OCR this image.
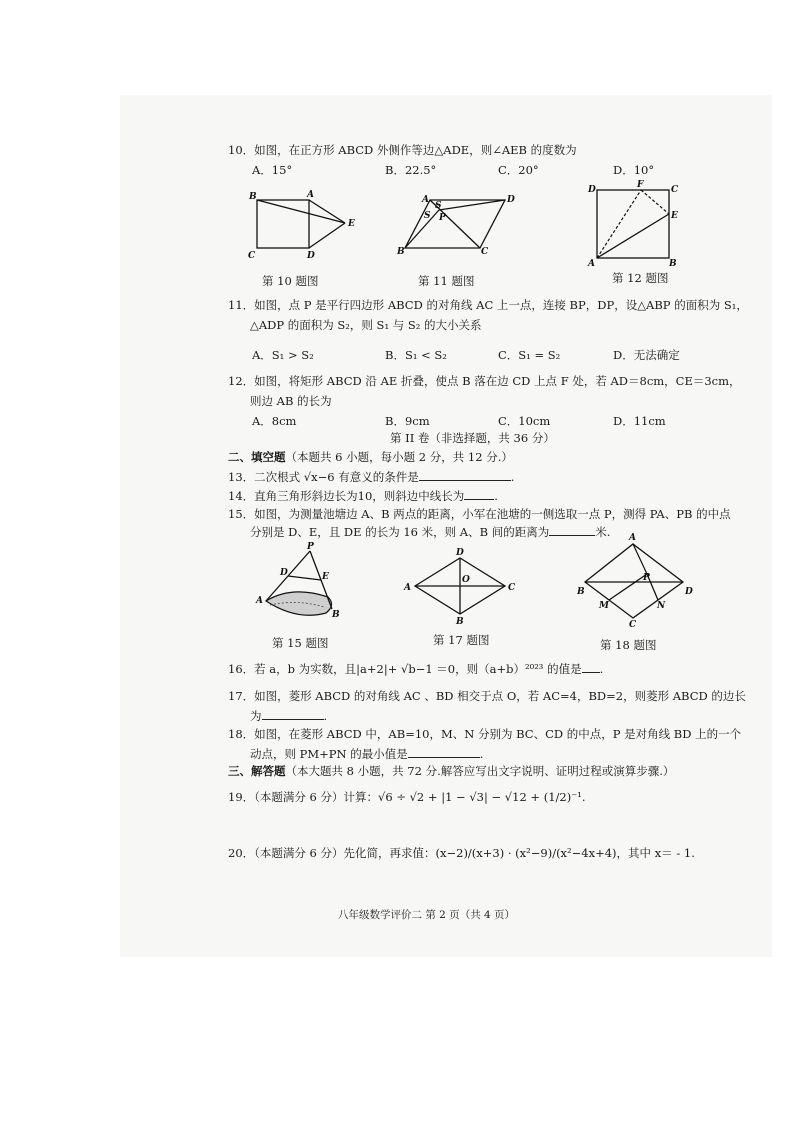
10．如图，在正方形 ABCD 外侧作等边△ADE，则∠AEB 的度数为
A．15°	B．22.5°	C．20°	D．10°
B	A
C	D
E
第 10 题图
A	D
B	C
P
S
S
第 11 题图
D	C
F
E
A	B
第 12 题图
11．如图，点 P 是平行四边形 ABCD 的对角线 AC 上一点，连接 BP，DP，设△ABP 的面积为 S₁，
△ADP 的面积为 S₂，则 S₁ 与 S₂ 的大小关系
A．S₁ > S₂	B．S₁ < S₂	C．S₁ = S₂	D．无法确定
12．如图，将矩形 ABCD 沿 AE 折叠，使点 B 落在边 CD 上点 F 处，若 AD＝8cm，CE＝3cm，
则边 AB 的长为
A．8cm	B．9cm	C．10cm	D．11cm
第 II 卷（非选择题，共 36 分）
二、填空题（本题共 6 小题，每小题 2 分，共 12 分.）
13．二次根式 √x−6 有意义的条件是	.
14．直角三角形斜边长为10，则斜边中线长为	.
15．如图，为测量池塘边 A、B 两点的距离，小军在池塘的一侧选取一点 P，测得 PA、PB 的中点
分别是 D、E，且 DE 的长为 16 米，则 A、B 间的距离为	米.
P
D	E
A
B
第 15 题图
D
A	C
O
B
第 17 题图
A
B	D
P
M	N
C
第 18 题图
16．若 a，b 为实数，且|a+2|+ √b−1 ＝0，则（a+b）²⁰²³ 的值是 .
17．如图，菱形 ABCD 的对角线 AC 、BD 相交于点 O，若 AC=4，BD=2，则菱形 ABCD 的边长
为	.
18．如图，在菱形 ABCD 中，AB=10，M、N 分别为 BC、CD 的中点，P 是对角线 BD 上的一个
动点，则 PM+PN 的最小值是	.
三、解答题（本大题共 8 小题，共 72 分.解答应写出文字说明、证明过程或演算步骤.）
19．（本题满分 6 分）计算：√6 ÷ √2 + |1 − √3| − √12 + (1/2)⁻¹.
20．（本题满分 6 分）先化简，再求值：(x−2)/(x+3) · (x²−9)/(x²−4x+4)，其中 x＝ - 1.
八年级数学评价二 第 2 页（共 4 页）
